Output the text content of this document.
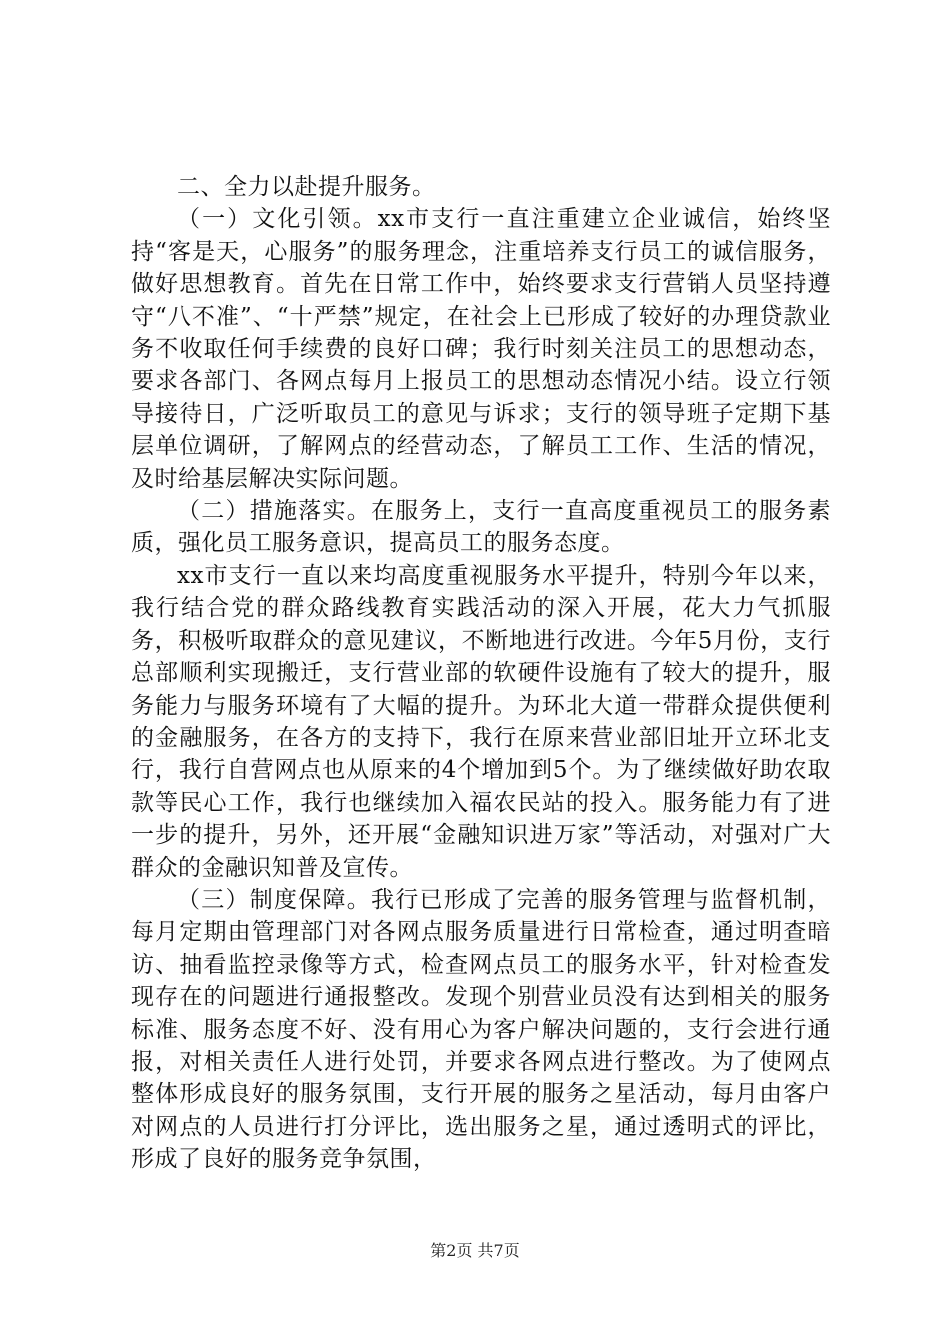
二、全力以赴提升服务。

（一）文化引领。xx市支行一直注重建立企业诚信，始终坚持“客是天，心服务”的服务理念，注重培养支行员工的诚信服务，做好思想教育。首先在日常工作中，始终要求支行营销人员坚持遵守“八不准”、“十严禁”规定，在社会上已形成了较好的办理贷款业务不收取任何手续费的良好口碑；我行时刻关注员工的思想动态，要求各部门、各网点每月上报员工的思想动态情况小结。设立行领导接待日，广泛听取员工的意见与诉求；支行的领导班子定期下基层单位调研，了解网点的经营动态，了解员工工作、生活的情况，及时给基层解决实际问题。

（二）措施落实。在服务上，支行一直高度重视员工的服务素质，强化员工服务意识，提高员工的服务态度。

xx市支行一直以来均高度重视服务水平提升，特别今年以来，我行结合党的群众路线教育实践活动的深入开展，花大力气抓服务，积极听取群众的意见建议，不断地进行改进。今年5月份，支行总部顺利实现搬迁，支行营业部的软硬件设施有了较大的提升，服务能力与服务环境有了大幅的提升。为环北大道一带群众提供便利的金融服务，在各方的支持下，我行在原来营业部旧址开立环北支行，我行自营网点也从原来的4个增加到5个。为了继续做好助农取款等民心工作，我行也继续加入福农民站的投入。服务能力有了进一步的提升，另外，还开展“金融知识进万家”等活动，对强对广大群众的金融识知普及宣传。

（三）制度保障。我行已形成了完善的服务管理与监督机制，每月定期由管理部门对各网点服务质量进行日常检查，通过明查暗访、抽看监控录像等方式，检查网点员工的服务水平，针对检查发现存在的问题进行通报整改。发现个别营业员没有达到相关的服务标准、服务态度不好、没有用心为客户解决问题的，支行会进行通报，对相关责任人进行处罚，并要求各网点进行整改。为了使网点整体形成良好的服务氛围，支行开展的服务之星活动，每月由客户对网点的人员进行打分评比，选出服务之星，通过透明式的评比，形成了良好的服务竞争氛围，

第2页 共7页
